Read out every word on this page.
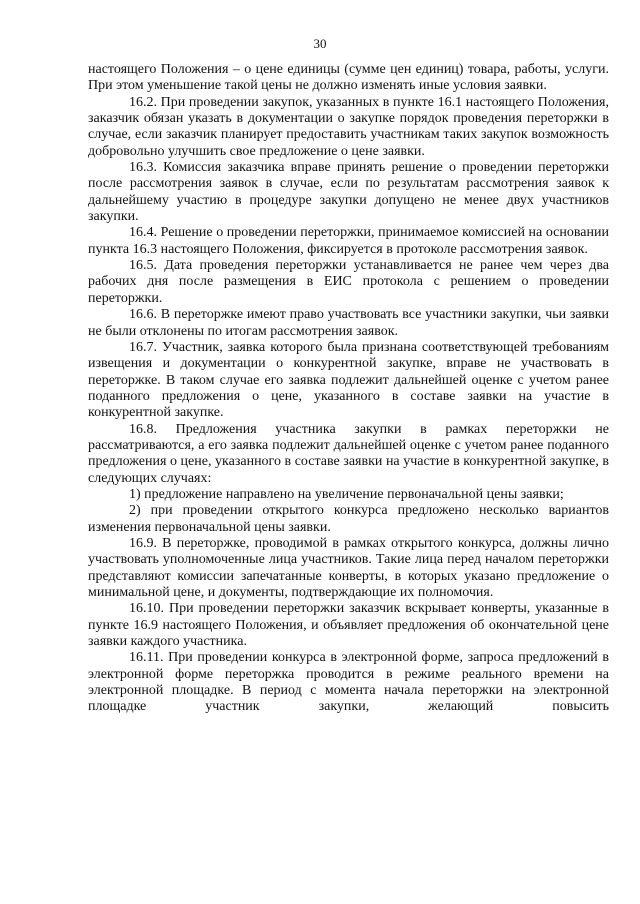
30

настоящего Положения – о цене единицы (сумме цен единиц) товара, работы, услуги. При этом уменьшение такой цены не должно изменять иные условия заявки.

16.2. При проведении закупок, указанных в пункте 16.1 настоящего Положения, заказчик обязан указать в документации о закупке порядок проведения переторжки в случае, если заказчик планирует предоставить участникам таких закупок возможность добровольно улучшить свое предложение о цене заявки.

16.3. Комиссия заказчика вправе принять решение о проведении переторжки после рассмотрения заявок в случае, если по результатам рассмотрения заявок к дальнейшему участию в процедуре закупки допущено не менее двух участников закупки.

16.4. Решение о проведении переторжки, принимаемое комиссией на основании пункта 16.3 настоящего Положения, фиксируется в протоколе рассмотрения заявок.

16.5. Дата проведения переторжки устанавливается не ранее чем через два рабочих дня после размещения в ЕИС протокола с решением о проведении переторжки.

16.6. В переторжке имеют право участвовать все участники закупки, чьи заявки не были отклонены по итогам рассмотрения заявок.

16.7. Участник, заявка которого была признана соответствующей требованиям извещения и документации о конкурентной закупке, вправе не участвовать в переторжке. В таком случае его заявка подлежит дальнейшей оценке с учетом ранее поданного предложения о цене, указанного в составе заявки на участие в конкурентной закупке.

16.8. Предложения участника закупки в рамках переторжки не рассматриваются, а его заявка подлежит дальнейшей оценке с учетом ранее поданного предложения о цене, указанного в составе заявки на участие в конкурентной закупке, в следующих случаях:

1) предложение направлено на увеличение первоначальной цены заявки;

2) при проведении открытого конкурса предложено несколько вариантов изменения первоначальной цены заявки.

16.9. В переторжке, проводимой в рамках открытого конкурса, должны лично участвовать уполномоченные лица участников. Такие лица перед началом переторжки представляют комиссии запечатанные конверты, в которых указано предложение о минимальной цене, и документы, подтверждающие их полномочия.

16.10. При проведении переторжки заказчик вскрывает конверты, указанные в пункте 16.9 настоящего Положения, и объявляет предложения об окончательной цене заявки каждого участника.

16.11. При проведении конкурса в электронной форме, запроса предложений в электронной форме переторжка проводится в режиме реального времени на электронной площадке. В период с момента начала переторжки на электронной площадке участник закупки, желающий повысить
